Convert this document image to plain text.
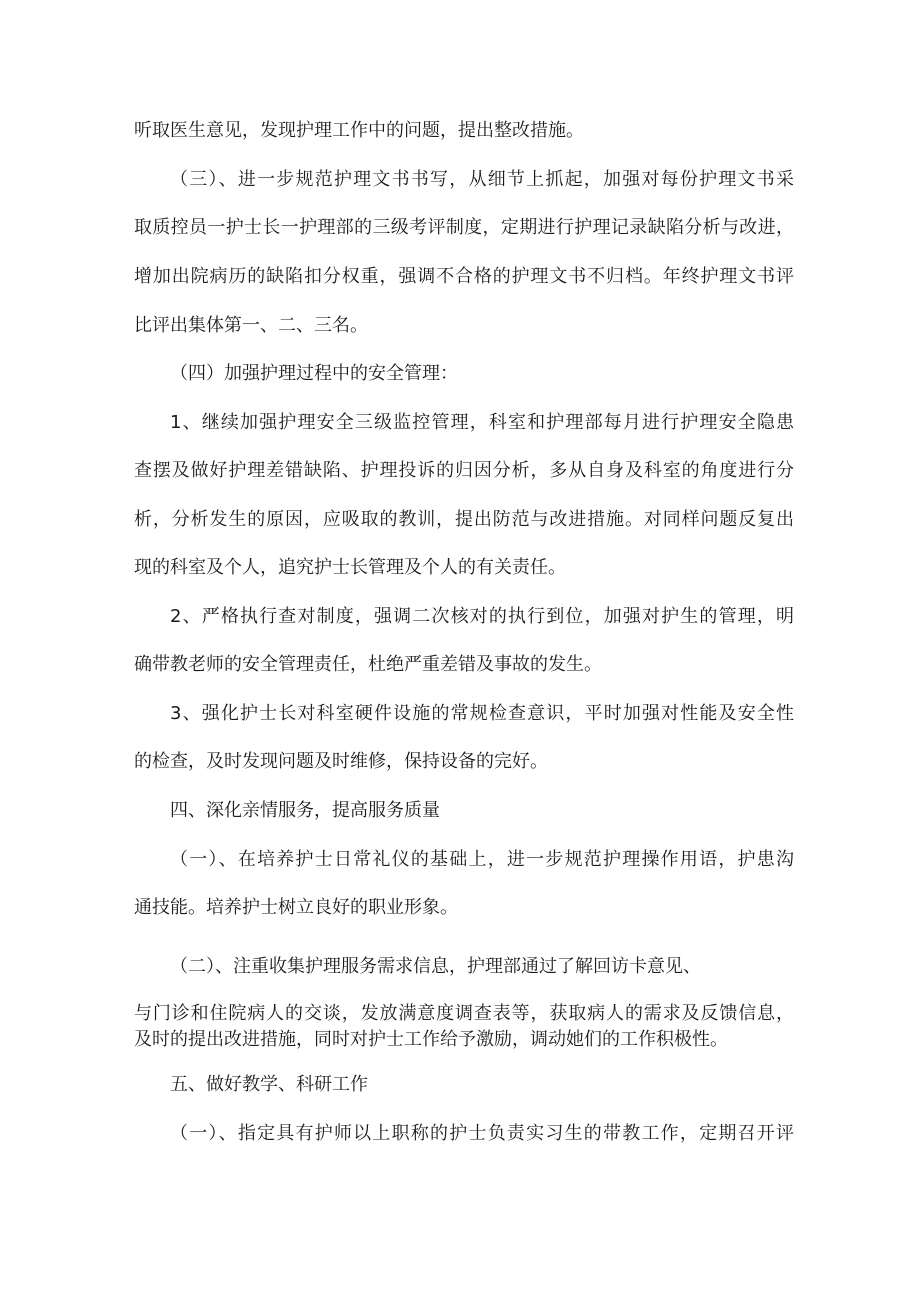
听取医生意见，发现护理工作中的问题，提出整改措施。
（三）、进一步规范护理文书书写，从细节上抓起，加强对每份护理文书采
取质控员一护士长一护理部的三级考评制度，定期进行护理记录缺陷分析与改进，
增加出院病历的缺陷扣分权重，强调不合格的护理文书不归档。年终护理文书评
比评出集体第一、二、三名。
（四）加强护理过程中的安全管理：
1、继续加强护理安全三级监控管理，科室和护理部每月进行护理安全隐患
查摆及做好护理差错缺陷、护理投诉的归因分析，多从自身及科室的角度进行分
析，分析发生的原因，应吸取的教训，提出防范与改进措施。对同样问题反复出
现的科室及个人，追究护士长管理及个人的有关责任。
2、严格执行查对制度，强调二次核对的执行到位，加强对护生的管理，明
确带教老师的安全管理责任，杜绝严重差错及事故的发生。
3、强化护士长对科室硬件设施的常规检查意识，平时加强对性能及安全性
的检查，及时发现问题及时维修，保持设备的完好。
四、深化亲情服务，提高服务质量
（一）、在培养护士日常礼仪的基础上，进一步规范护理操作用语，护患沟
通技能。培养护士树立良好的职业形象。
（二）、注重收集护理服务需求信息，护理部通过了解回访卡意见、
与门诊和住院病人的交谈，发放满意度调查表等，获取病人的需求及反馈信息，
及时的提出改进措施，同时对护士工作给予激励，调动她们的工作积极性。
五、做好教学、科研工作
（一）、指定具有护师以上职称的护士负责实习生的带教工作，定期召开评
